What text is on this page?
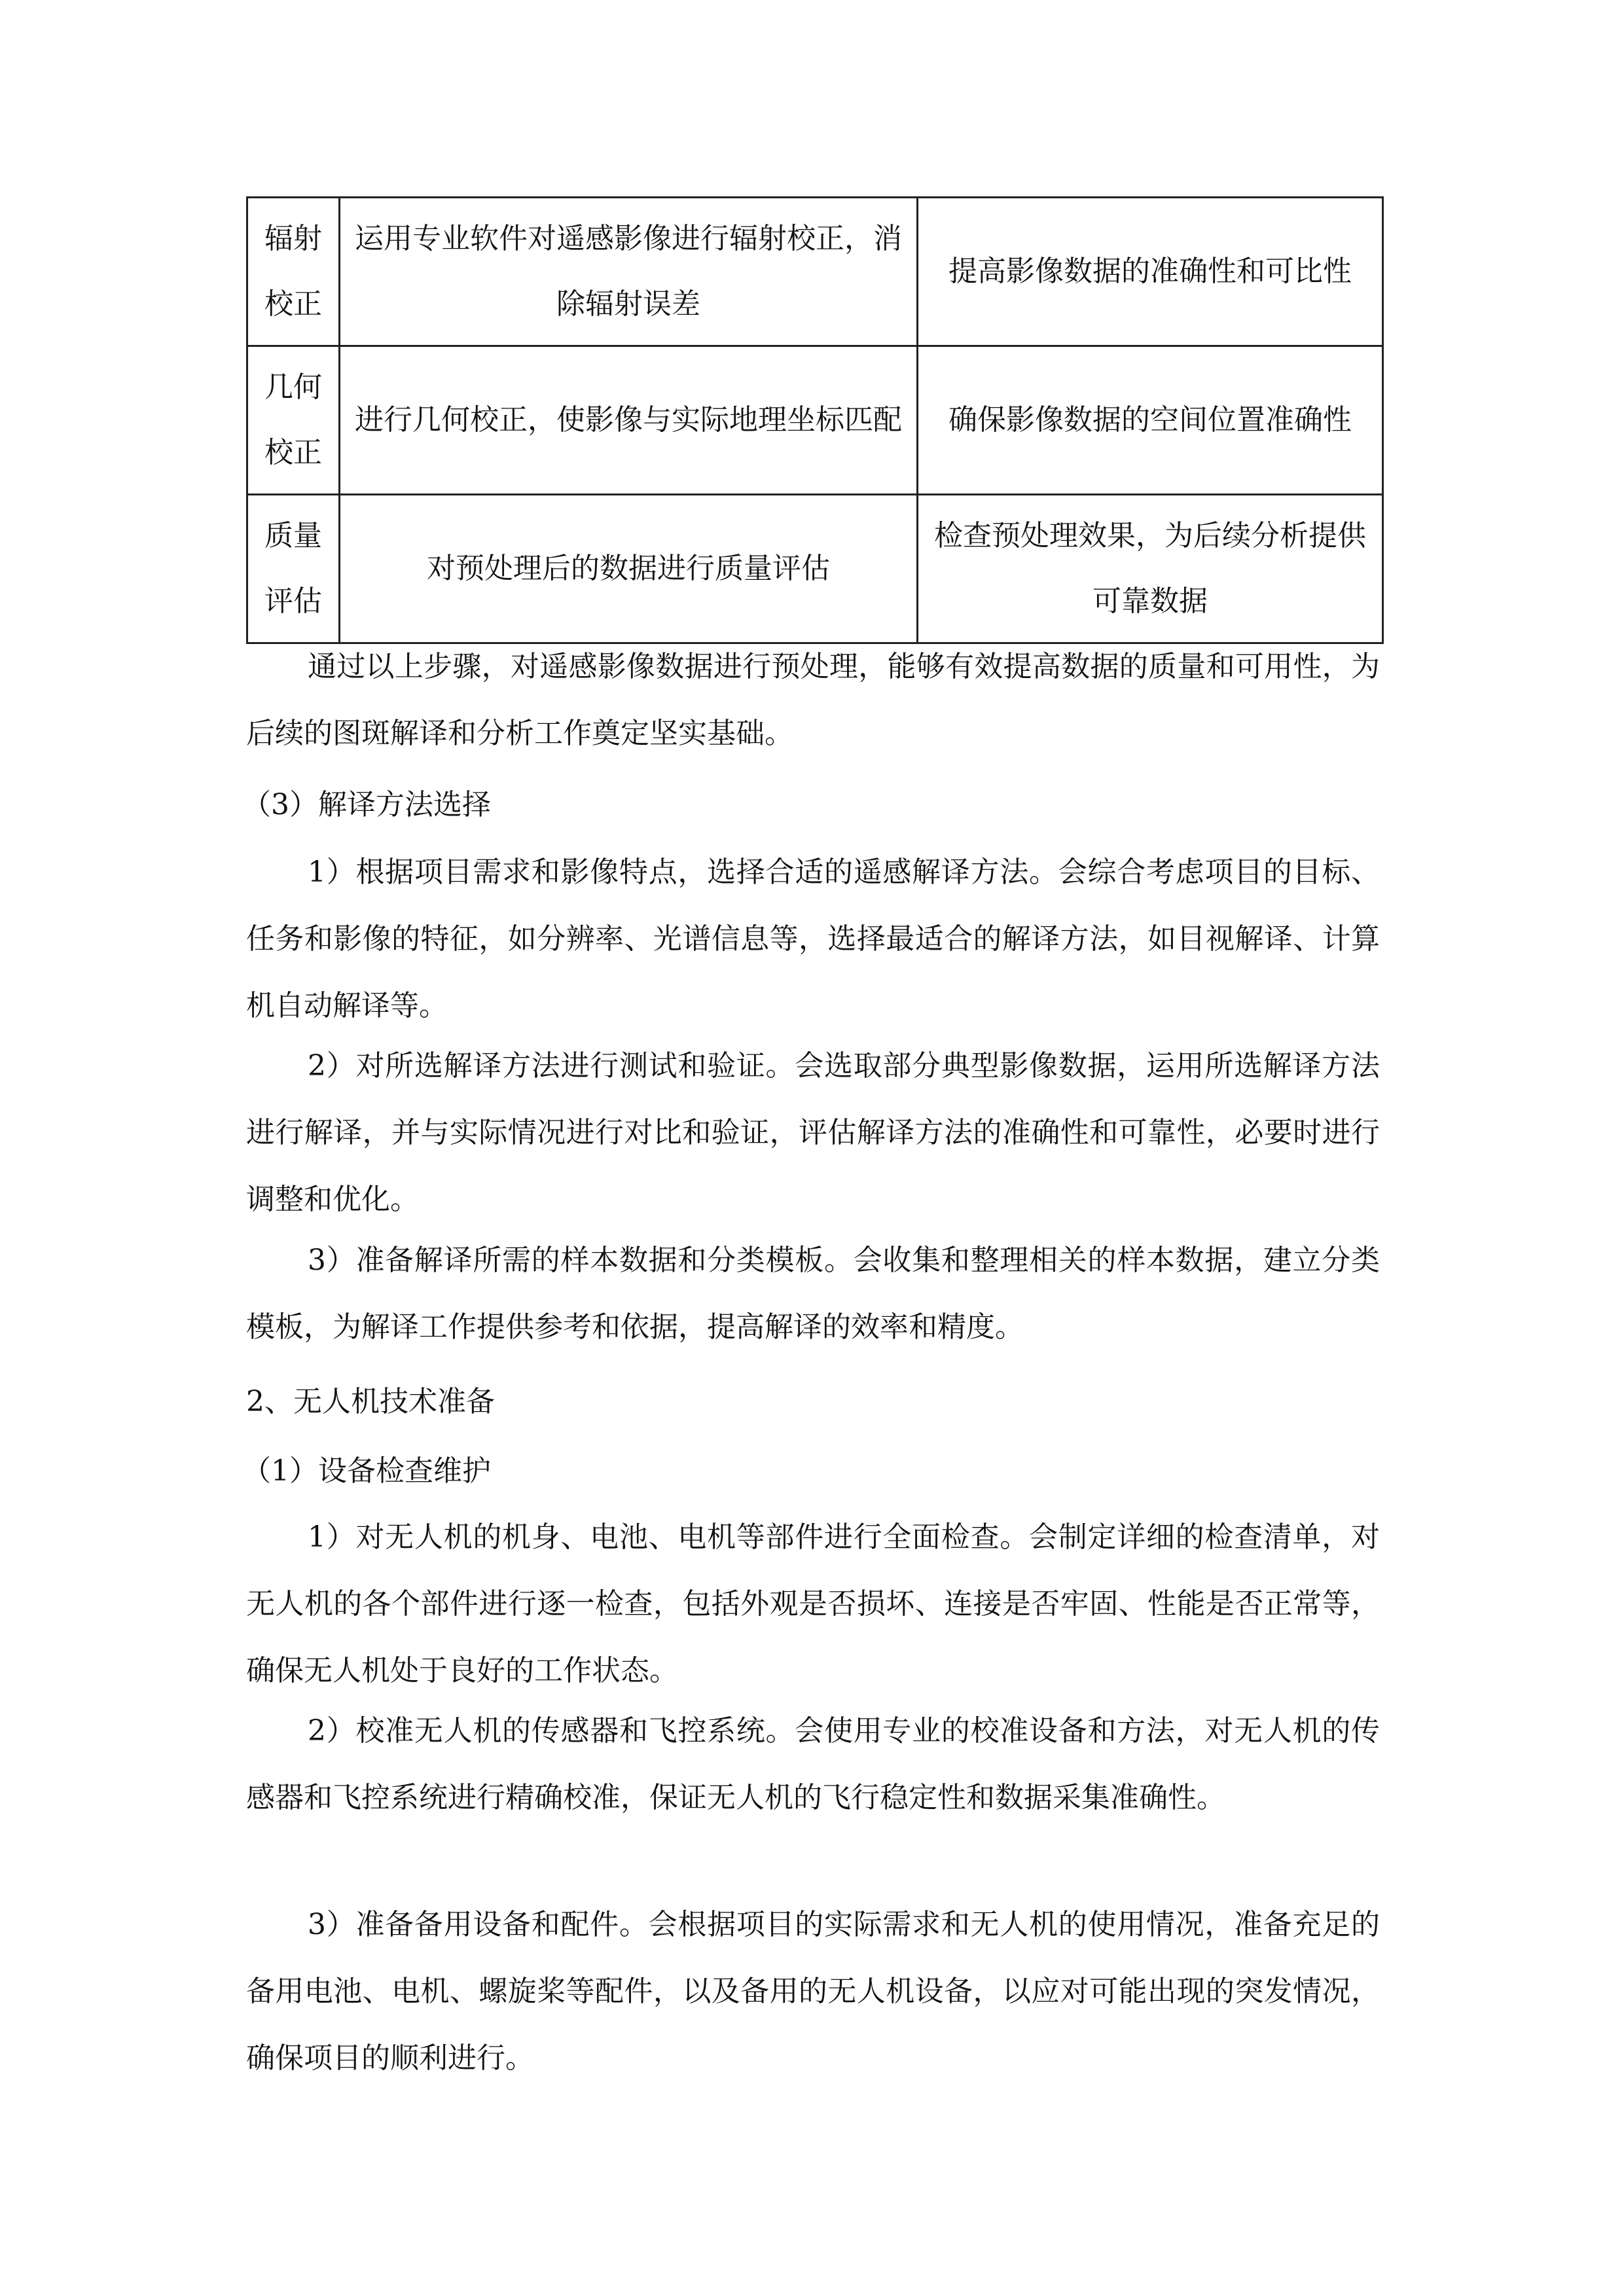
辐射校正	运用专业软件对遥感影像进行辐射校正，消除辐射误差	提高影像数据的准确性和可比性
几何校正	进行几何校正，使影像与实际地理坐标匹配	确保影像数据的空间位置准确性
质量评估	对预处理后的数据进行质量评估	检查预处理效果，为后续分析提供可靠数据

通过以上步骤，对遥感影像数据进行预处理，能够有效提高数据的质量和可用性，为后续的图斑解译和分析工作奠定坚实基础。

（3）解译方法选择

1）根据项目需求和影像特点，选择合适的遥感解译方法。会综合考虑项目的目标、任务和影像的特征，如分辨率、光谱信息等，选择最适合的解译方法，如目视解译、计算机自动解译等。

2）对所选解译方法进行测试和验证。会选取部分典型影像数据，运用所选解译方法进行解译，并与实际情况进行对比和验证，评估解译方法的准确性和可靠性，必要时进行调整和优化。

3）准备解译所需的样本数据和分类模板。会收集和整理相关的样本数据，建立分类模板，为解译工作提供参考和依据，提高解译的效率和精度。

2、无人机技术准备

（1）设备检查维护

1）对无人机的机身、电池、电机等部件进行全面检查。会制定详细的检查清单，对无人机的各个部件进行逐一检查，包括外观是否损坏、连接是否牢固、性能是否正常等，确保无人机处于良好的工作状态。

2）校准无人机的传感器和飞控系统。会使用专业的校准设备和方法，对无人机的传感器和飞控系统进行精确校准，保证无人机的飞行稳定性和数据采集准确性。

3）准备备用设备和配件。会根据项目的实际需求和无人机的使用情况，准备充足的备用电池、电机、螺旋桨等配件，以及备用的无人机设备，以应对可能出现的突发情况，确保项目的顺利进行。
